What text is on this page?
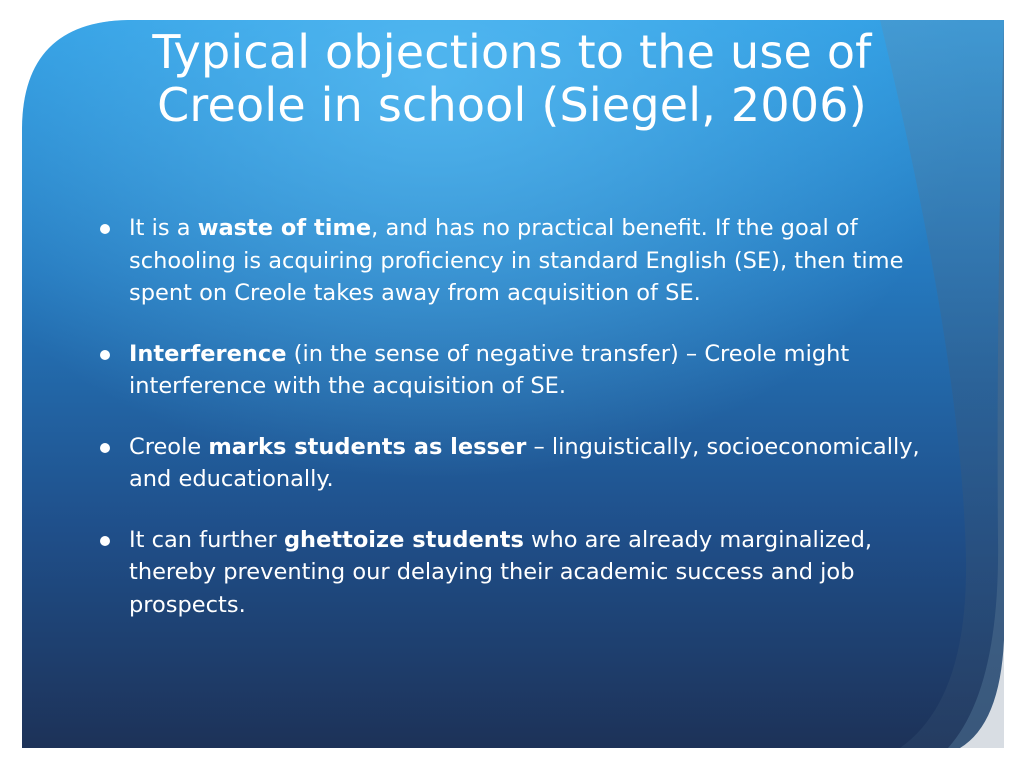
Typical objections to the use of
Creole in school (Siegel, 2006)
It is a waste of time, and has no practical benefit. If the goal of schooling is acquiring proficiency in standard English (SE), then time spent on Creole takes away from acquisition of SE.
Interference (in the sense of negative transfer) – Creole might interference with the acquisition of SE.
Creole marks students as lesser – linguistically, socioeconomically, and educationally.
It can further ghettoize students who are already marginalized, thereby preventing our delaying their academic success and job prospects.
